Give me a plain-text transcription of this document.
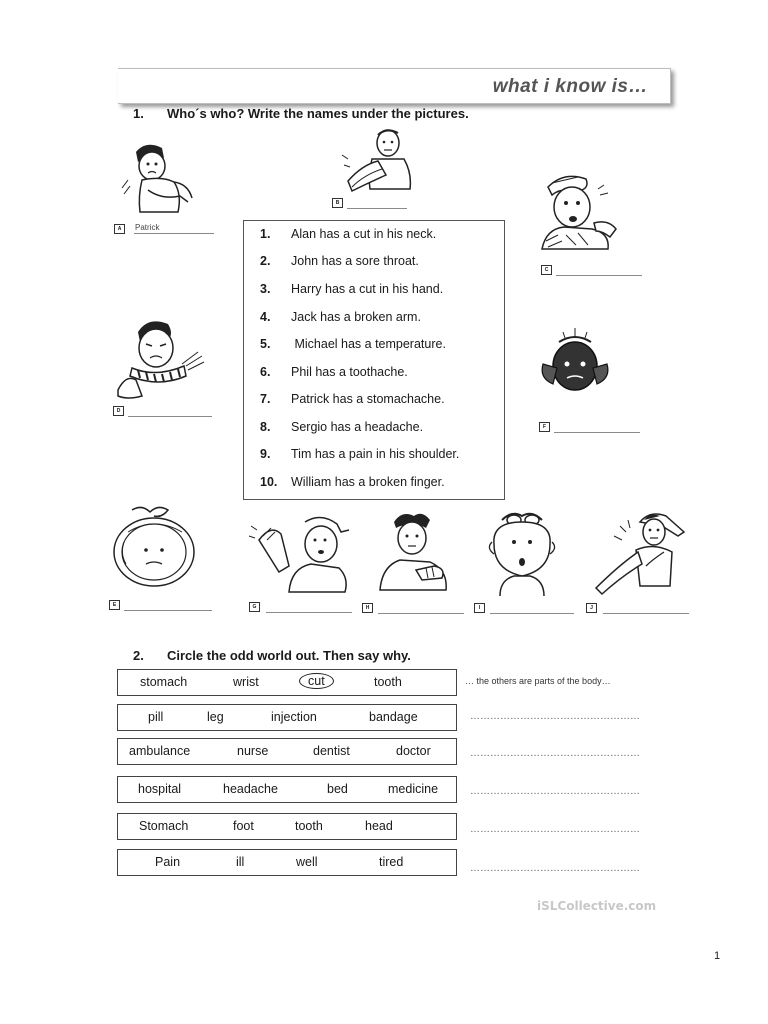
what i know is…
1. Who´s who? Write the names under the pictures.
A	Patrick
B
C
D
F
1. Alan has a cut in his neck.
2. John has a sore throat.
3. Harry has a cut in his hand.
4. Jack has a broken arm.
5. Michael has a temperature.
6. Phil has a toothache.
7. Patrick has a stomachache.
8. Sergio has a headache.
9. Tim has a pain in his shoulder.
10. William has a broken finger.
E	G	H	I	J
2. Circle the odd world out. Then say why.
stomach	wrist	cut	tooth	… the others are parts of the body…
pill	leg	injection	bandage	……………………………………………
ambulance	nurse	dentist	doctor	……………………………………………
hospital	headache	bed	medicine	……………………………………………
Stomach	foot	tooth	head	……………………………………………
Pain	ill	well	tired	……………………………………………
iSLCollective.com
1
